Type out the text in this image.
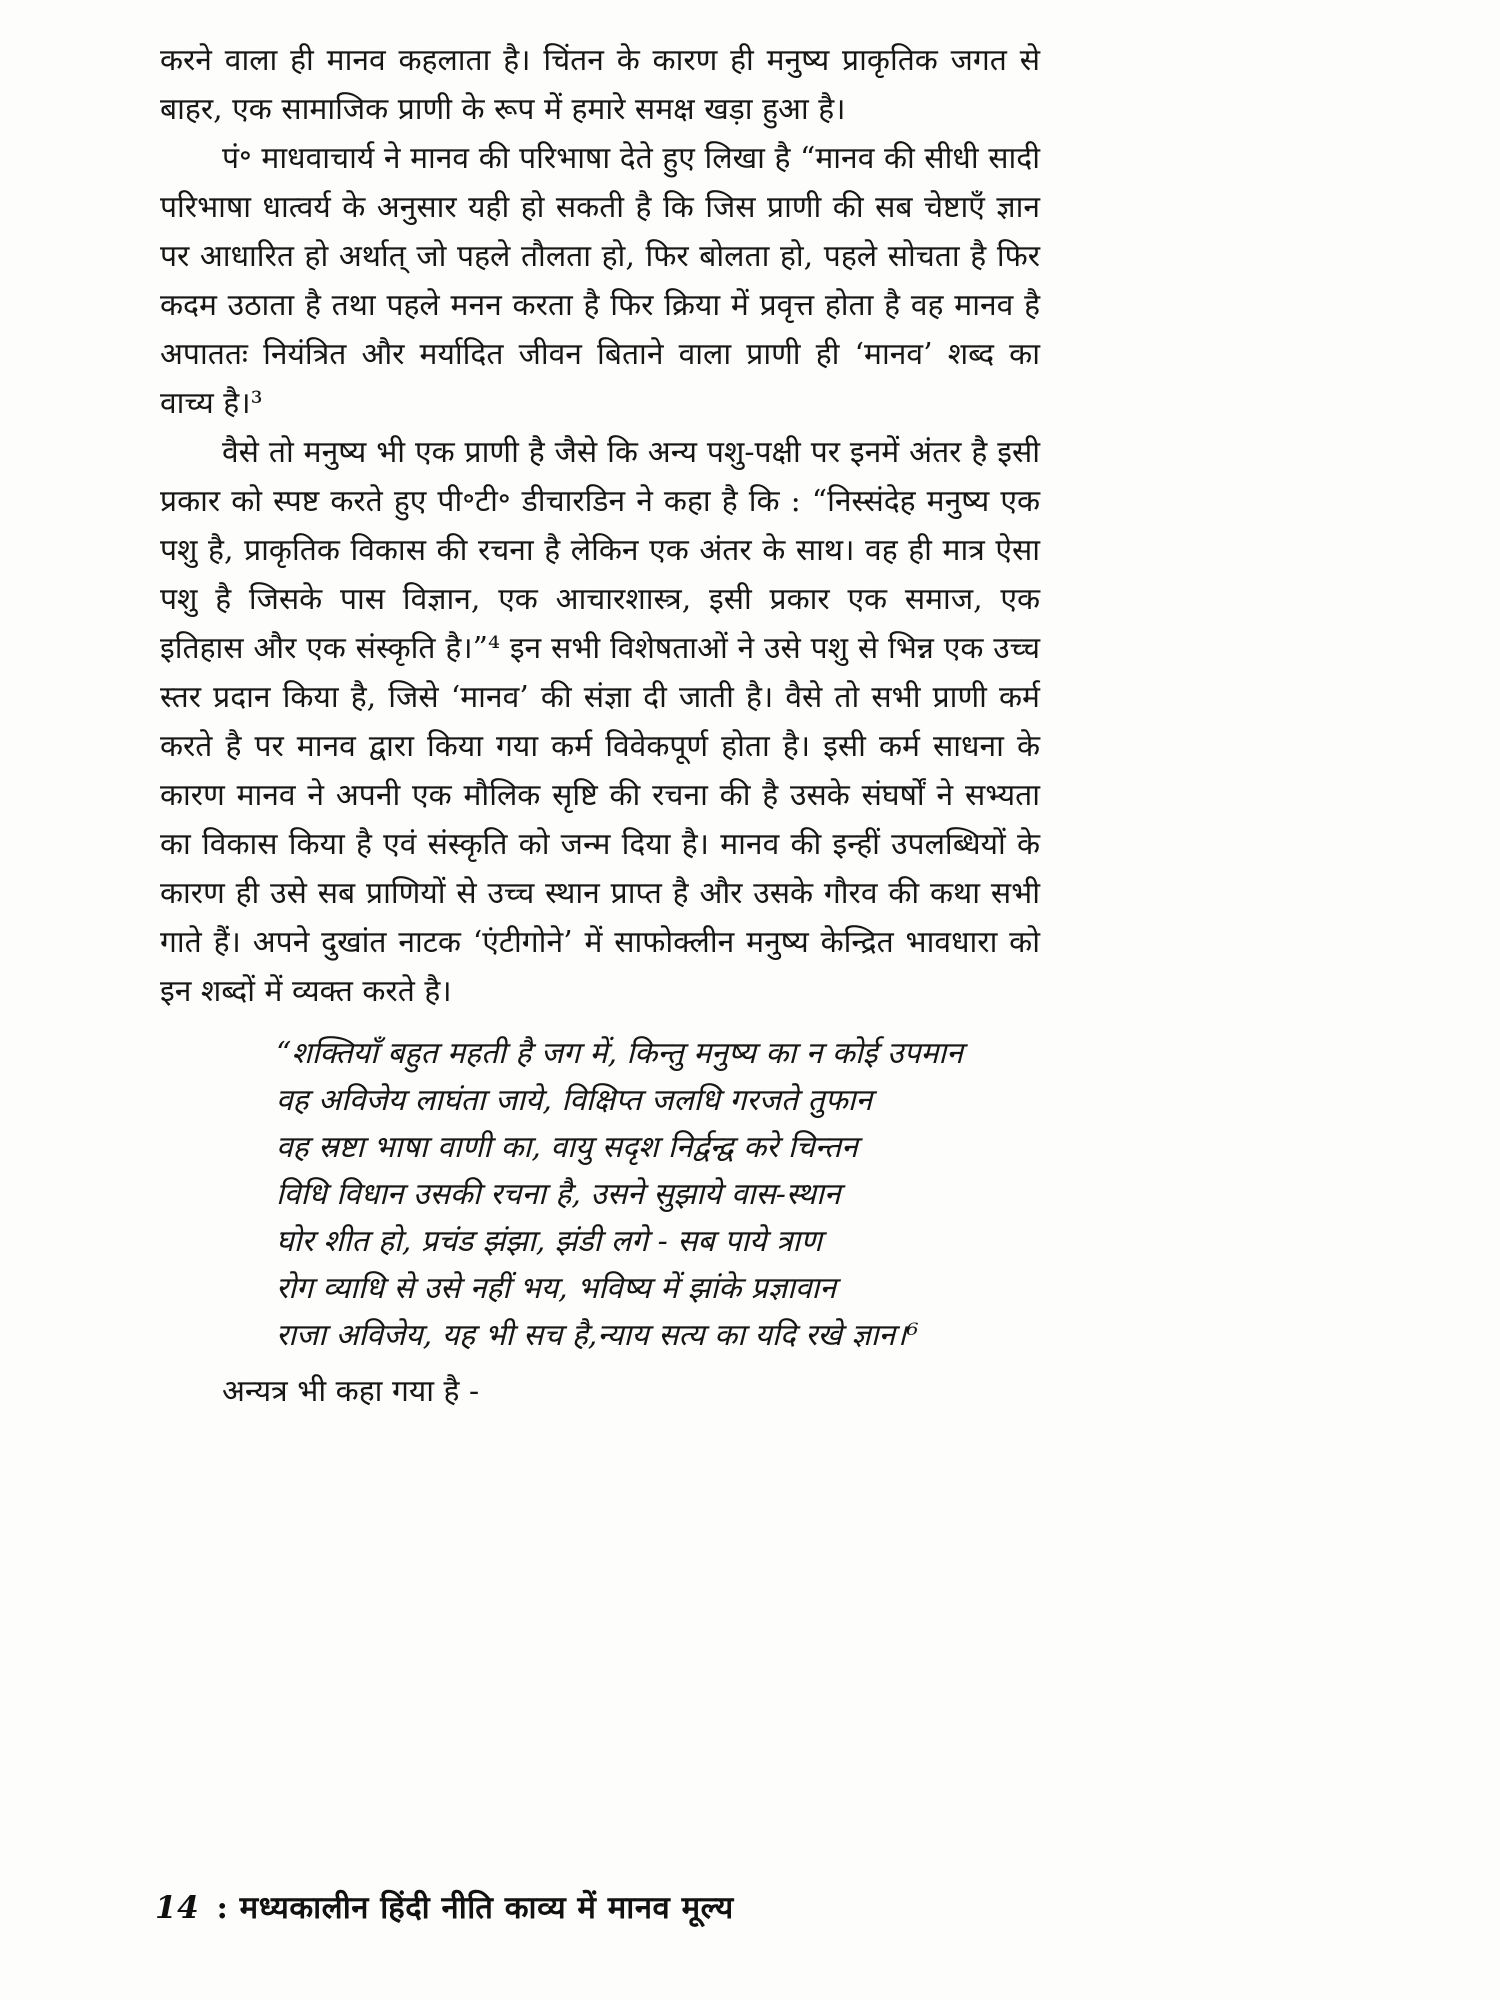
करने वाला ही मानव कहलाता है। चिंतन के कारण ही मनुष्य प्राकृतिक जगत से बाहर, एक सामाजिक प्राणी के रूप में हमारे समक्ष खड़ा हुआ है।

पं॰ माधवाचार्य ने मानव की परिभाषा देते हुए लिखा है “मानव की सीधी सादी परिभाषा धात्वर्य के अनुसार यही हो सकती है कि जिस प्राणी की सब चेष्टाएँ ज्ञान पर आधारित हो अर्थात् जो पहले तौलता हो, फिर बोलता हो, पहले सोचता है फिर कदम उठाता है तथा पहले मनन करता है फिर क्रिया में प्रवृत्त होता है वह मानव है अपाततः नियंत्रित और मर्यादित जीवन बिताने वाला प्राणी ही ‘मानव’ शब्द का वाच्य है।³

वैसे तो मनुष्य भी एक प्राणी है जैसे कि अन्य पशु-पक्षी पर इनमें अंतर है इसी प्रकार को स्पष्ट करते हुए पी॰टी॰ डीचारडिन ने कहा है कि : “निस्संदेह मनुष्य एक पशु है, प्राकृतिक विकास की रचना है लेकिन एक अंतर के साथ। वह ही मात्र ऐसा पशु है जिसके पास विज्ञान, एक आचारशास्त्र, इसी प्रकार एक समाज, एक इतिहास और एक संस्कृति है।”⁴ इन सभी विशेषताओं ने उसे पशु से भिन्न एक उच्च स्तर प्रदान किया है, जिसे ‘मानव’ की संज्ञा दी जाती है। वैसे तो सभी प्राणी कर्म करते है पर मानव द्वारा किया गया कर्म विवेकपूर्ण होता है। इसी कर्म साधना के कारण मानव ने अपनी एक मौलिक सृष्टि की रचना की है उसके संघर्षों ने सभ्यता का विकास किया है एवं संस्कृति को जन्म दिया है। मानव की इन्हीं उपलब्धियों के कारण ही उसे सब प्राणियों से उच्च स्थान प्राप्त है और उसके गौरव की कथा सभी गाते हैं। अपने दुखांत नाटक ‘एंटीगोने’ में साफोक्लीन मनुष्य केन्द्रित भावधारा को इन शब्दों में व्यक्त करते है।

“शक्तियाँ बहुत महती है जग में, किन्तु मनुष्य का न कोई उपमान
वह अविजेय लाघंता जाये, विक्षिप्त जलधि गरजते तुफान
वह स्रष्टा भाषा वाणी का, वायु सदृश निर्द्वन्द्व करे चिन्तन
विधि विधान उसकी रचना है, उसने सुझाये वास-स्थान
घोर शीत हो, प्रचंड झंझा, झंडी लगे - सब पाये त्राण
रोग व्याधि से उसे नहीं भय, भविष्य में झांके प्रज्ञावान
राजा अविजेय, यह भी सच है,न्याय सत्य का यदि रखे ज्ञान।⁶

अन्यत्र भी कहा गया है -

14 : मध्यकालीन हिंदी नीति काव्य में मानव मूल्य
